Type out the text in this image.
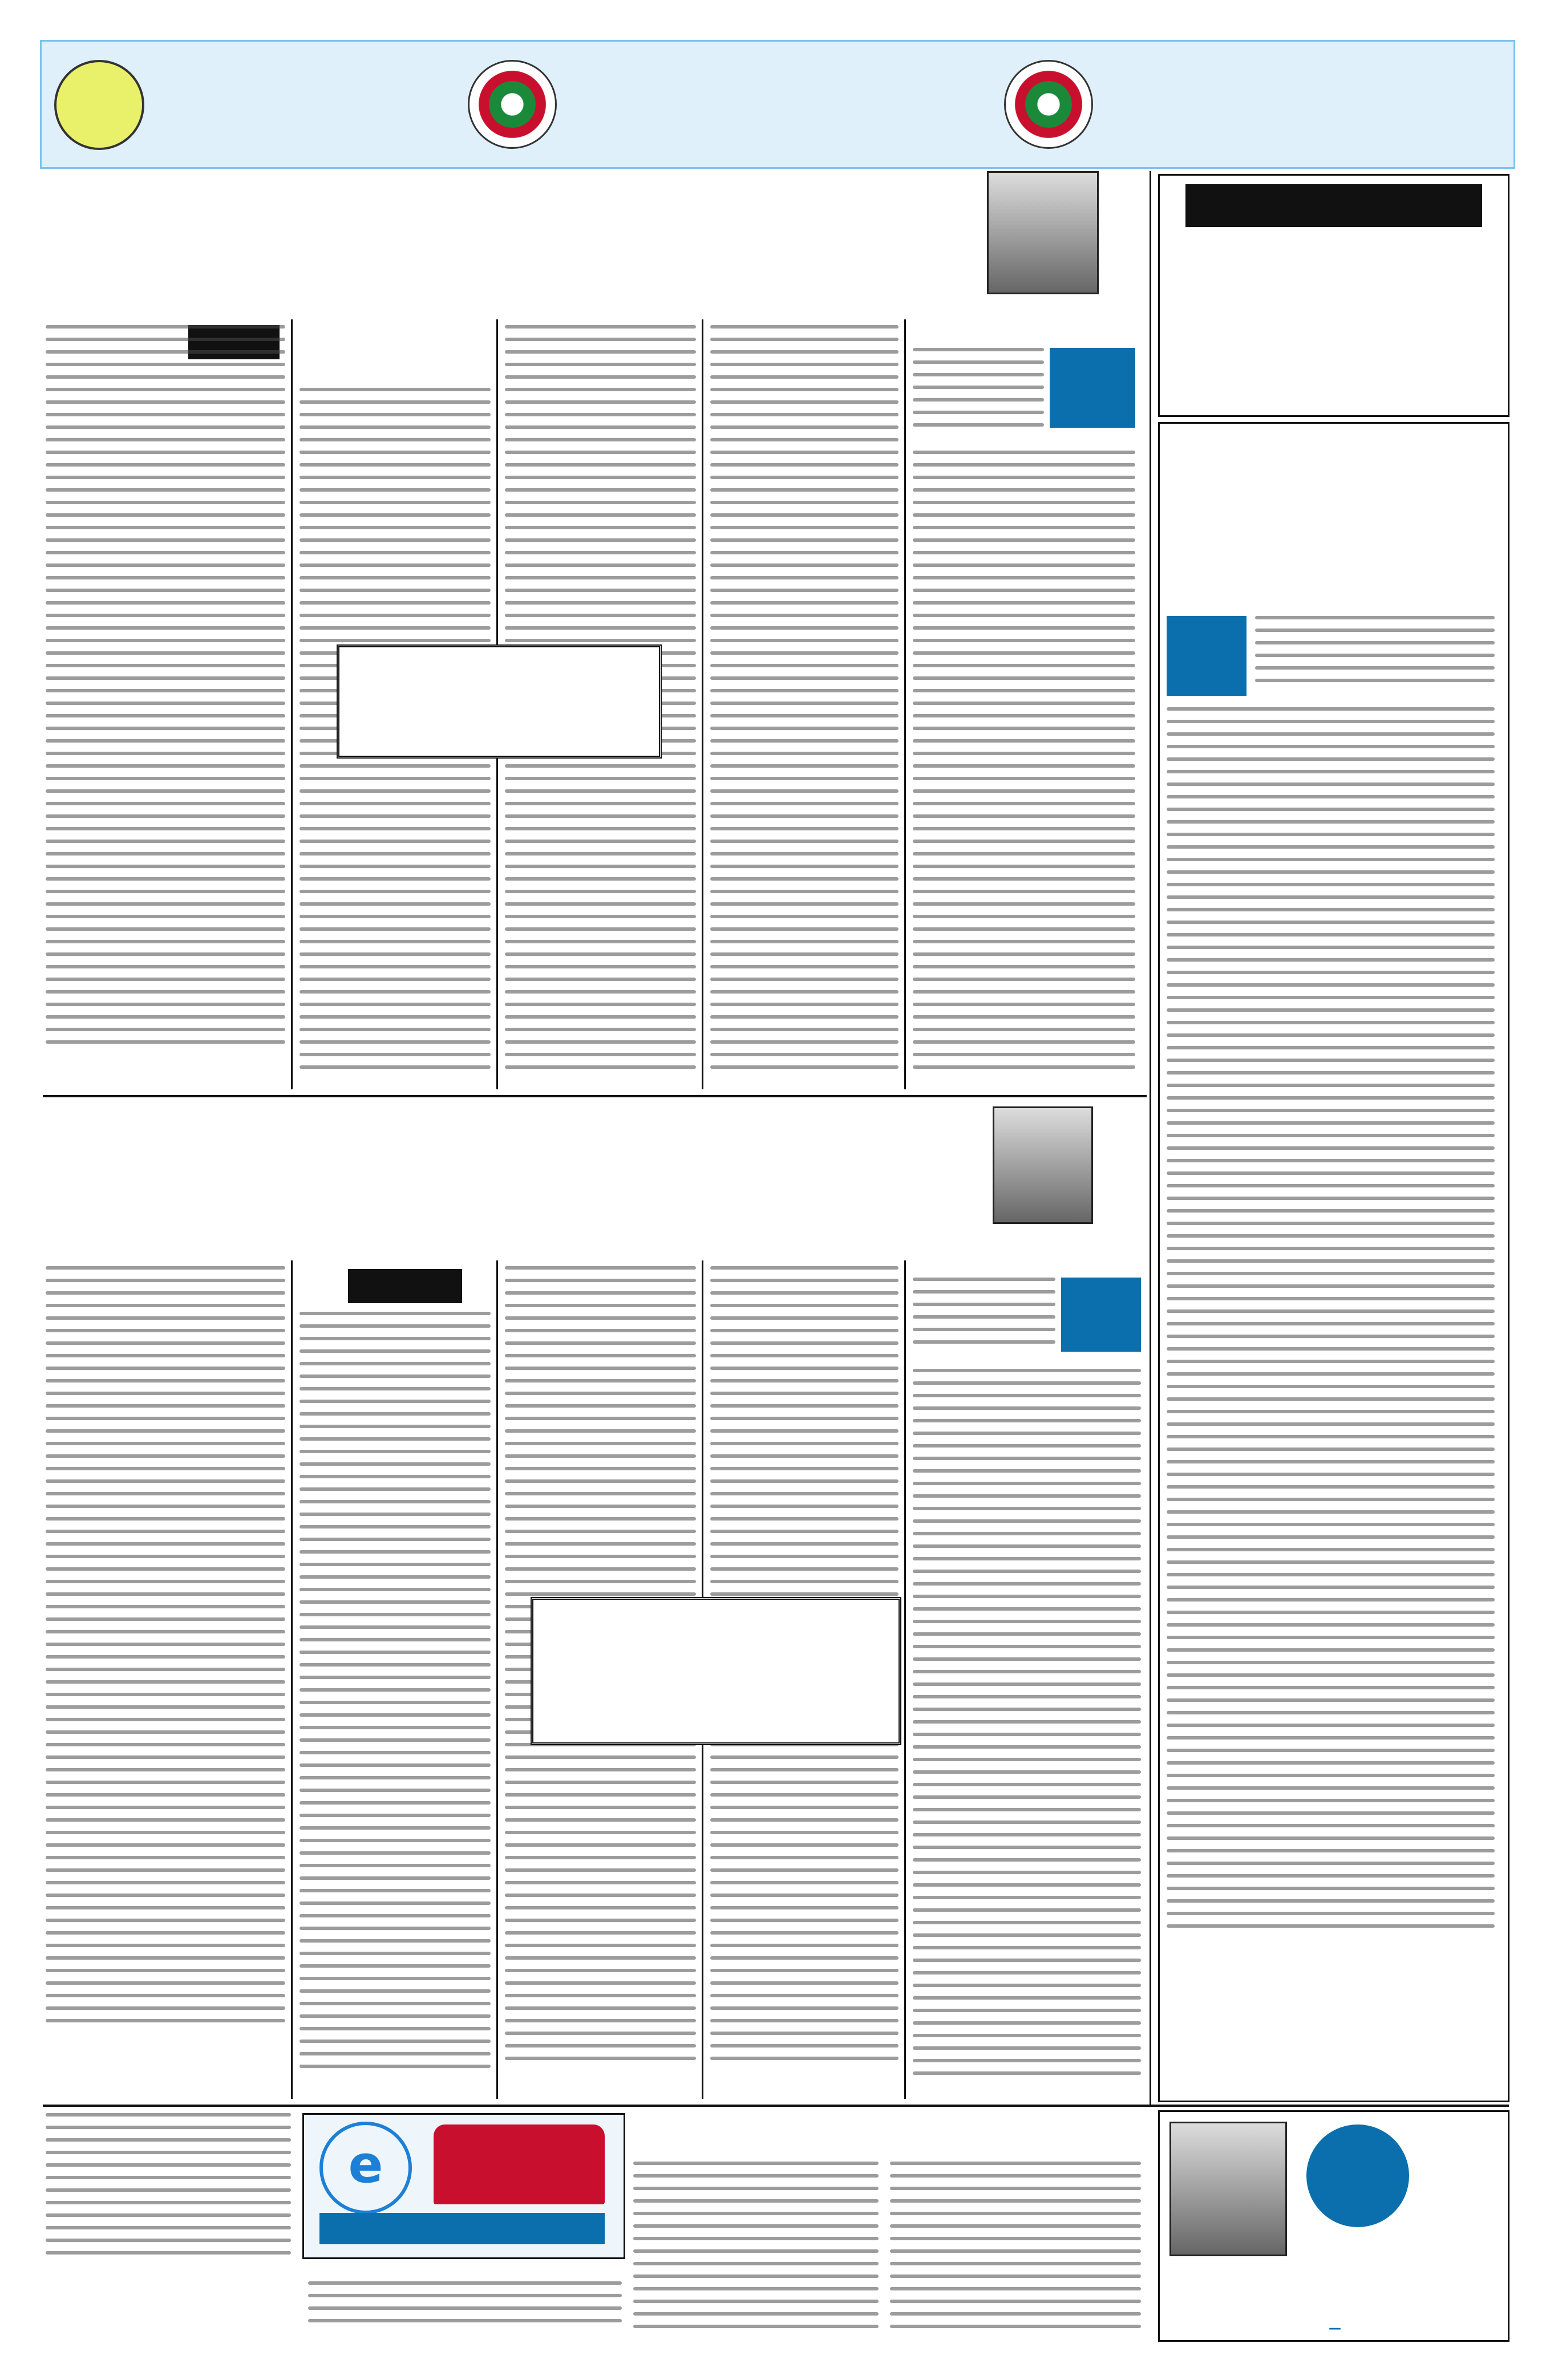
—
e
